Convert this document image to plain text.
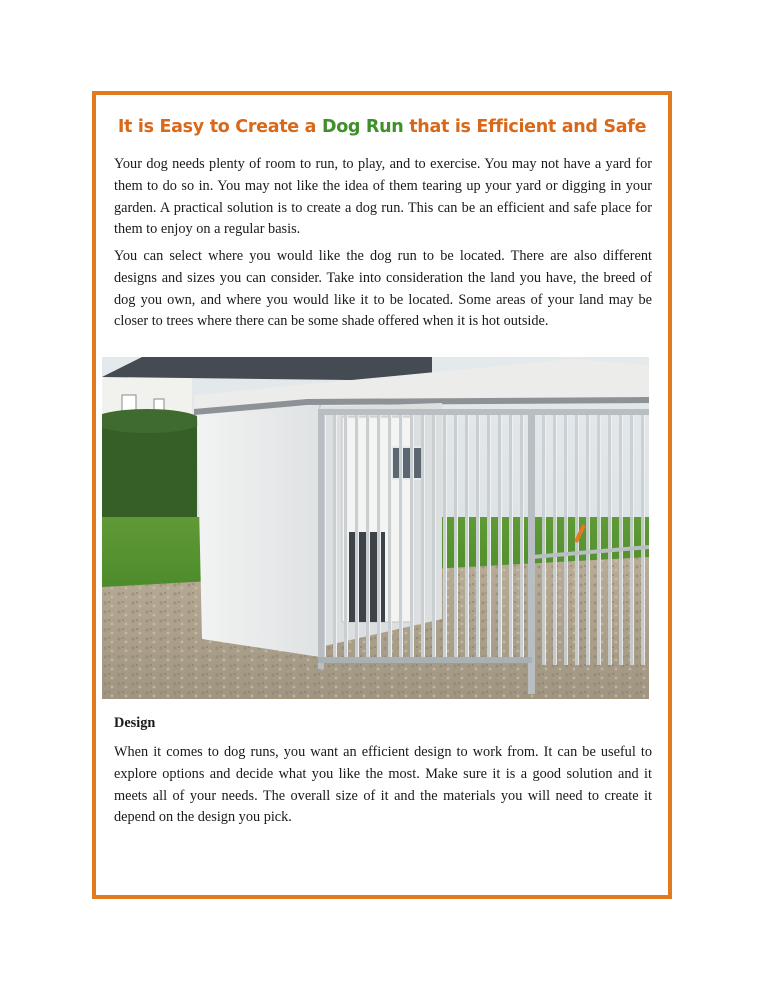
It is Easy to Create a Dog Run that is Efficient and Safe

Your dog needs plenty of room to run, to play, and to exercise. You may not have a yard for them to do so in. You may not like the idea of them tearing up your yard or digging in your garden. A practical solution is to create a dog run. This can be an efficient and safe place for them to enjoy on a regular basis.

You can select where you would like the dog run to be located. There are also different designs and sizes you can consider. Take into consideration the land you have, the breed of dog you own, and where you would like it to be located. Some areas of your land may be closer to trees where there can be some shade offered when it is hot outside.

Design

When it comes to dog runs, you want an efficient design to work from. It can be useful to explore options and decide what you like the most. Make sure it is a good solution and it meets all of your needs. The overall size of it and the materials you will need to create it depend on the design you pick.
